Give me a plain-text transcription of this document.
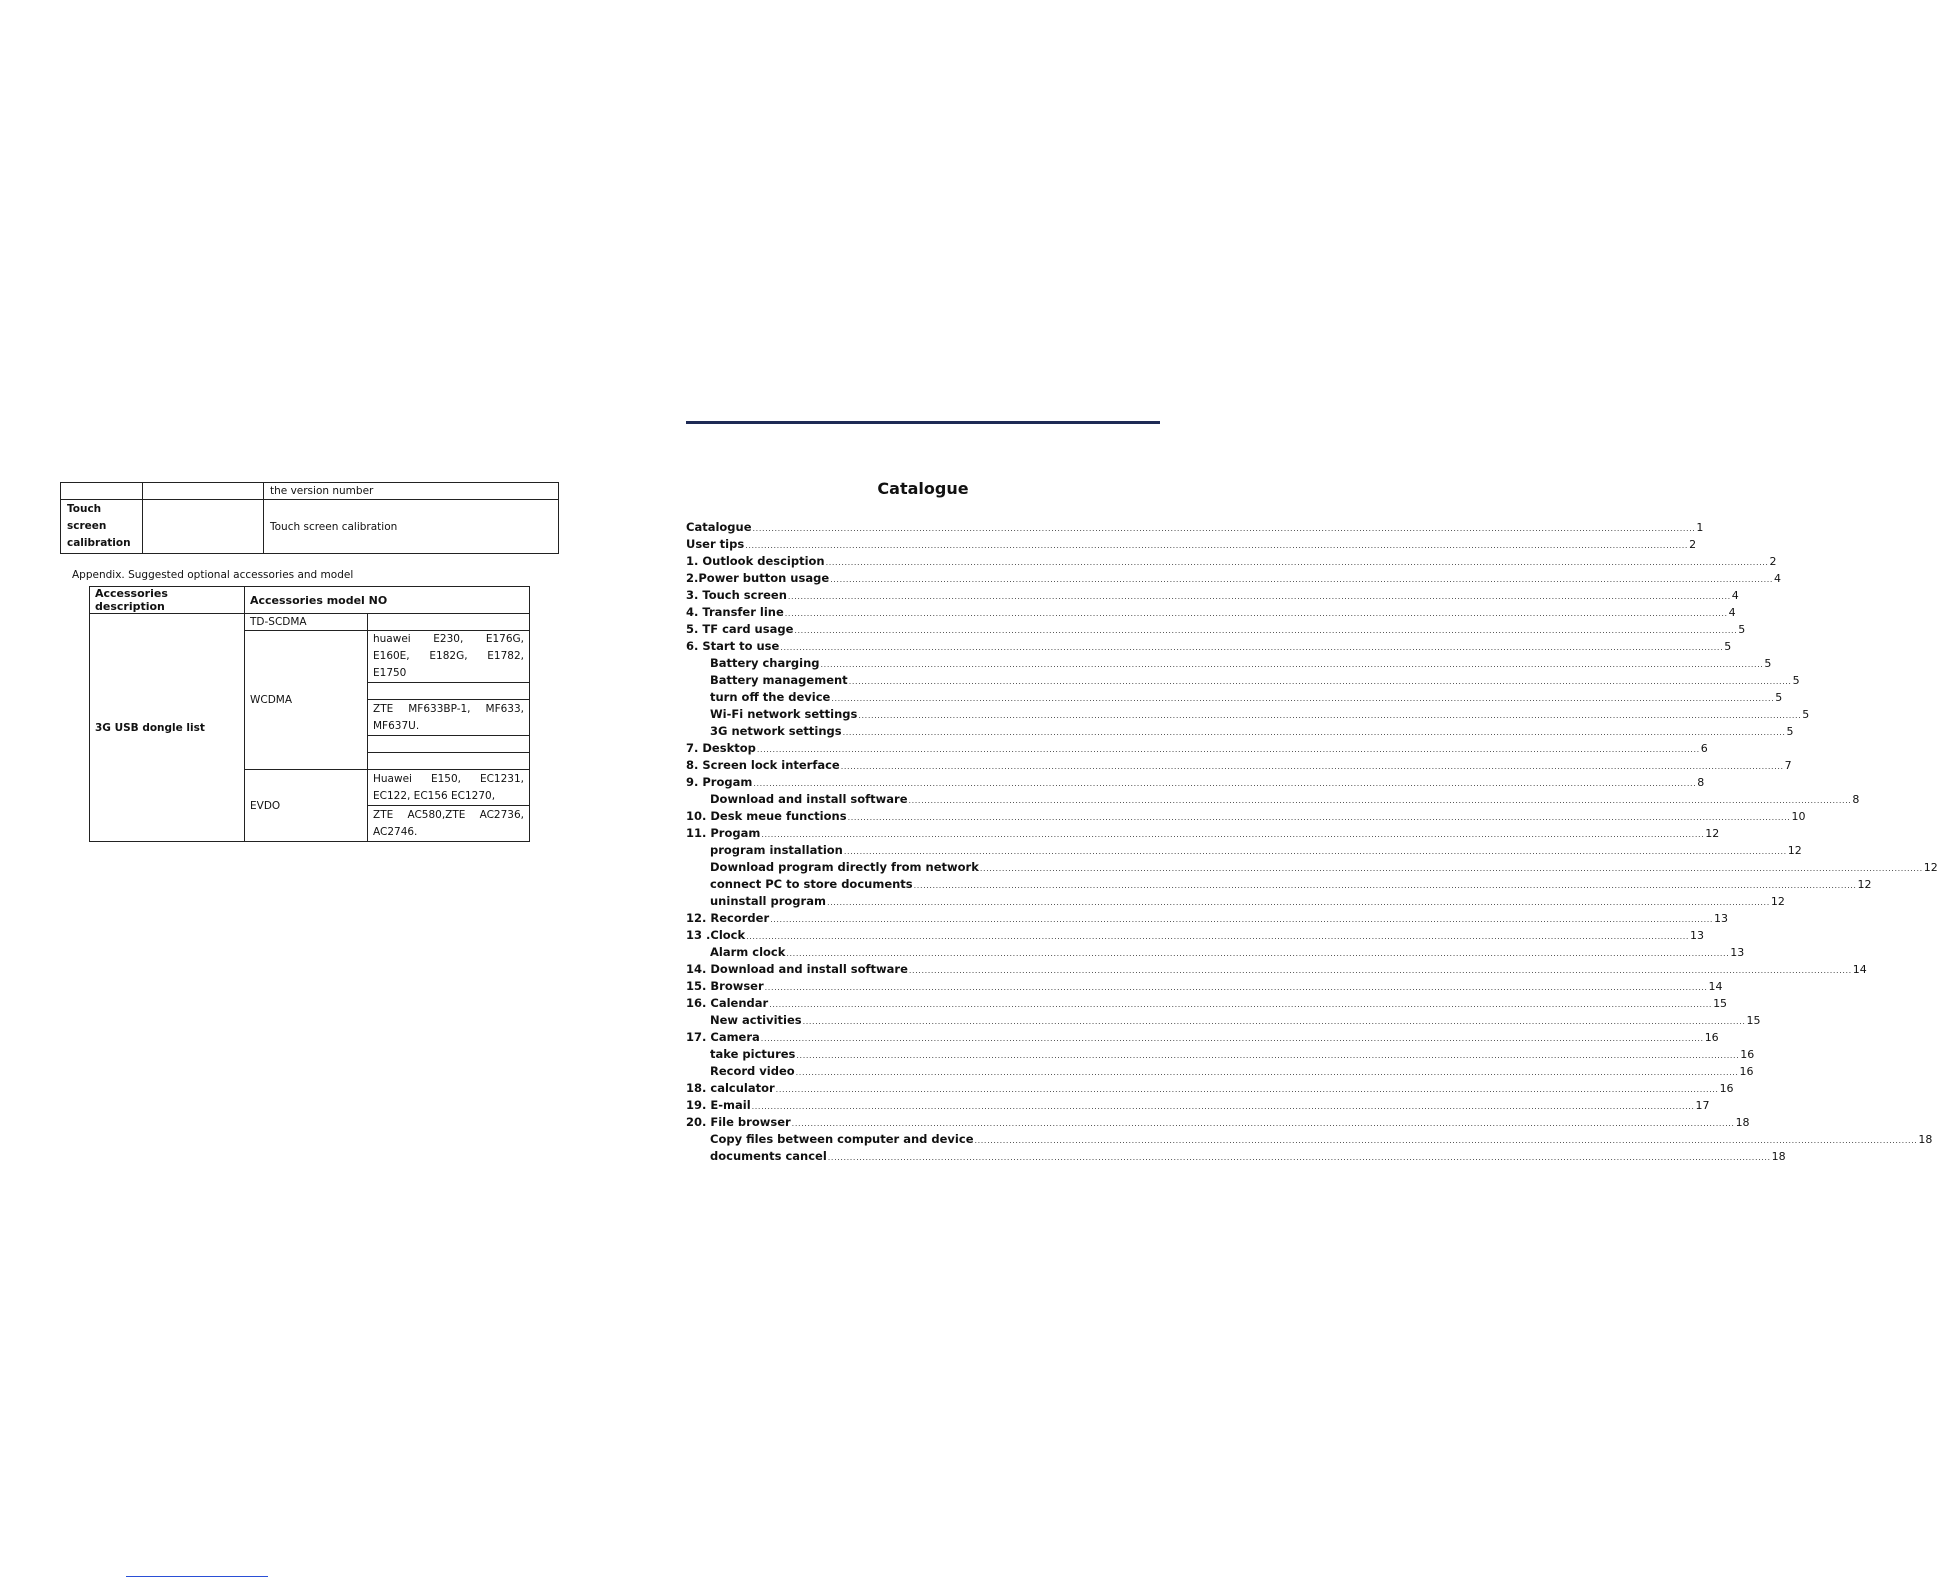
		the version number
Touch screen calibration		Touch screen calibration
Appendix. Suggested optional accessories and model
Accessories description	Accessories model NO	
3G USB dongle list	TD-SCDMA	
	WCDMA	huawei E230, E176G, E160E, E182G, E1782, E1750

		ZTE MF633BP-1, MF633, MF637U.

	EVDO	Huawei E150, EC1231, EC122, EC156 EC1270,
		ZTE AC580,ZTE AC2736, AC2746.
Catalogue
Catalogue ............................................................................................................................................................................................................................................................................................................ 1
User tips ............................................................................................................................................................................................................................................................................................................ 2
1. Outlook desciption ............................................................................................................................................................................................................................................................................................................ 2
2.Power button usage ............................................................................................................................................................................................................................................................................................................ 4
3. Touch screen ............................................................................................................................................................................................................................................................................................................ 4
4. Transfer line ............................................................................................................................................................................................................................................................................................................ 4
5. TF card usage ............................................................................................................................................................................................................................................................................................................ 5
6. Start to use ............................................................................................................................................................................................................................................................................................................ 5
Battery charging ............................................................................................................................................................................................................................................................................................................ 5
Battery management ............................................................................................................................................................................................................................................................................................................ 5
turn off the device ............................................................................................................................................................................................................................................................................................................ 5
Wi-Fi network settings ............................................................................................................................................................................................................................................................................................................ 5
3G network settings ............................................................................................................................................................................................................................................................................................................ 5
7. Desktop ............................................................................................................................................................................................................................................................................................................ 6
8. Screen lock interface ............................................................................................................................................................................................................................................................................................................ 7
9. Progam ............................................................................................................................................................................................................................................................................................................ 8
Download and install software ............................................................................................................................................................................................................................................................................................................ 8
10. Desk meue functions ............................................................................................................................................................................................................................................................................................................ 10
11. Progam ............................................................................................................................................................................................................................................................................................................ 12
program installation ............................................................................................................................................................................................................................................................................................................ 12
Download program directly from network ............................................................................................................................................................................................................................................................................................................ 12
connect PC to store documents ............................................................................................................................................................................................................................................................................................................ 12
uninstall program ............................................................................................................................................................................................................................................................................................................ 12
12. Recorder ............................................................................................................................................................................................................................................................................................................ 13
13 .Clock ............................................................................................................................................................................................................................................................................................................ 13
Alarm clock ............................................................................................................................................................................................................................................................................................................ 13
14. Download and install software ............................................................................................................................................................................................................................................................................................................ 14
15. Browser ............................................................................................................................................................................................................................................................................................................ 14
16. Calendar ............................................................................................................................................................................................................................................................................................................ 15
New activities ............................................................................................................................................................................................................................................................................................................ 15
17. Camera ............................................................................................................................................................................................................................................................................................................ 16
take pictures ............................................................................................................................................................................................................................................................................................................ 16
Record video ............................................................................................................................................................................................................................................................................................................ 16
18. calculator ............................................................................................................................................................................................................................................................................................................ 16
19. E-mail ............................................................................................................................................................................................................................................................................................................ 17
20. File browser ............................................................................................................................................................................................................................................................................................................ 18
Copy files between computer and device ............................................................................................................................................................................................................................................................................................................ 18
documents cancel ............................................................................................................................................................................................................................................................................................................ 18
